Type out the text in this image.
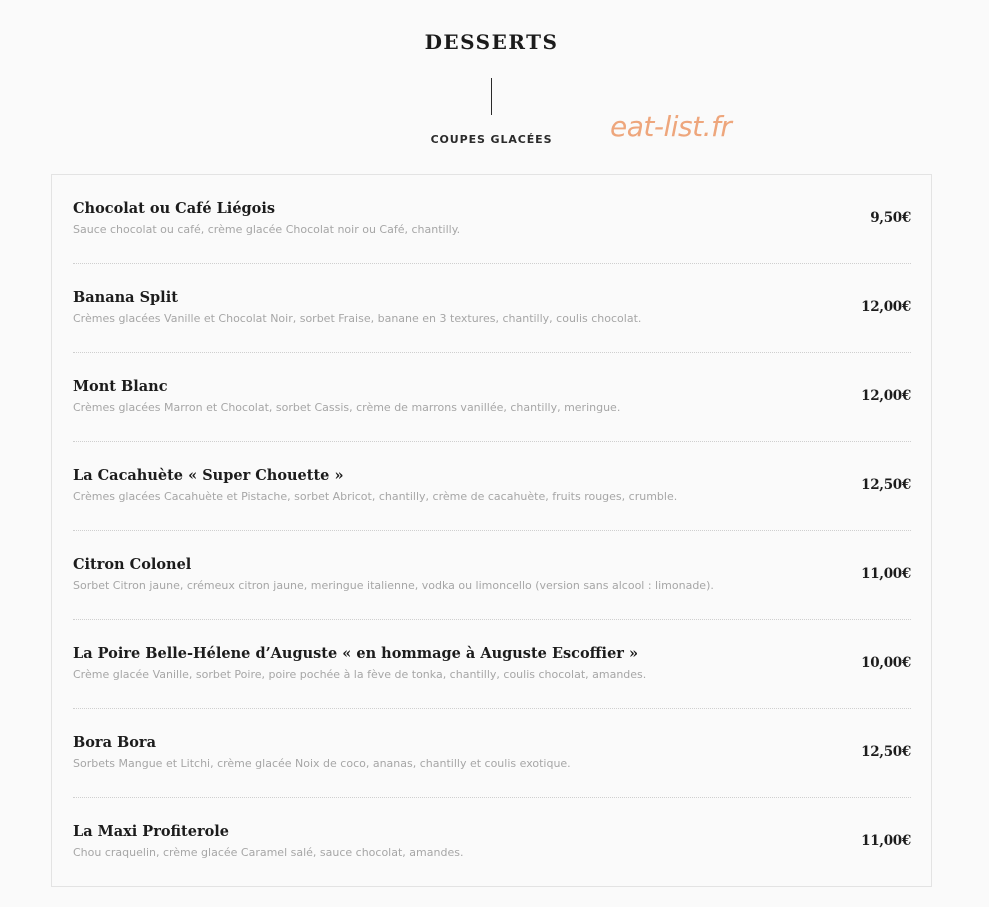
DESSERTS
COUPES GLACÉES	eat-list.fr
Chocolat ou Café Liégois
Sauce chocolat ou café, crème glacée Chocolat noir ou Café, chantilly.
9,50€
Banana Split
Crèmes glacées Vanille et Chocolat Noir, sorbet Fraise, banane en 3 textures, chantilly, coulis chocolat.
12,00€
Mont Blanc
Crèmes glacées Marron et Chocolat, sorbet Cassis, crème de marrons vanillée, chantilly, meringue.
12,00€
La Cacahuète « Super Chouette »
Crèmes glacées Cacahuète et Pistache, sorbet Abricot, chantilly, crème de cacahuète, fruits rouges, crumble.
12,50€
Citron Colonel
Sorbet Citron jaune, crémeux citron jaune, meringue italienne, vodka ou limoncello (version sans alcool : limonade).
11,00€
La Poire Belle-Hélene d’Auguste « en hommage à Auguste Escoffier »
Crème glacée Vanille, sorbet Poire, poire pochée à la fève de tonka, chantilly, coulis chocolat, amandes.
10,00€
Bora Bora
Sorbets Mangue et Litchi, crème glacée Noix de coco, ananas, chantilly et coulis exotique.
12,50€
La Maxi Profiterole
Chou craquelin, crème glacée Caramel salé, sauce chocolat, amandes.
11,00€
